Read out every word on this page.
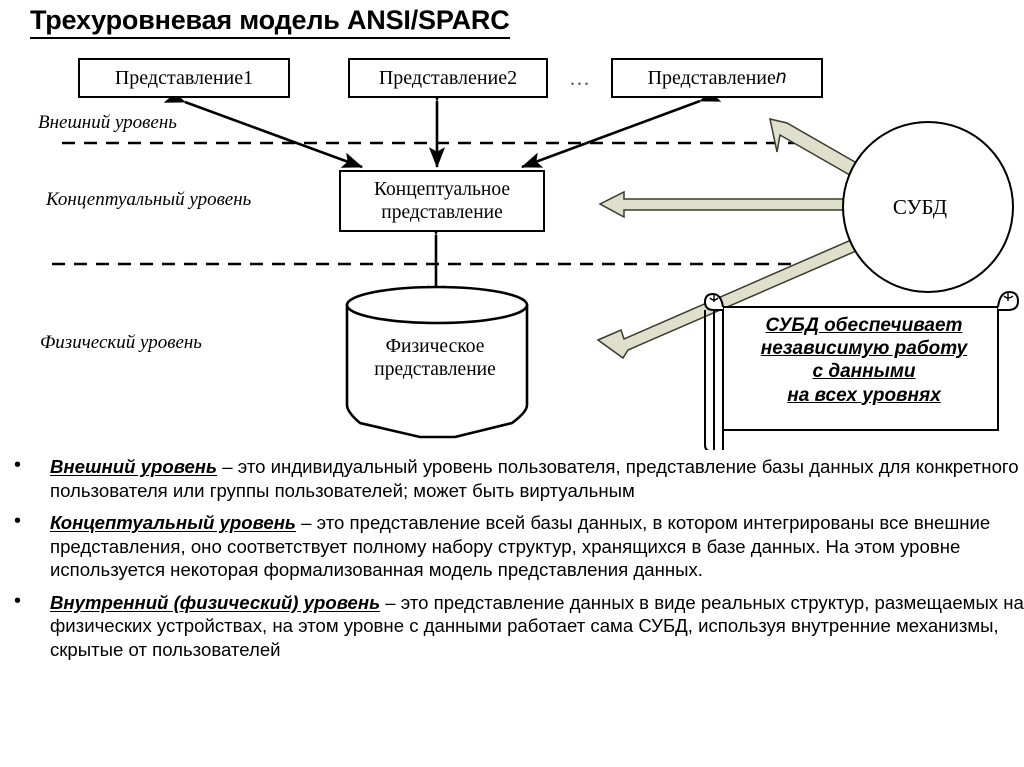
Трехуровневая модель ANSI/SPARC
Представление 1	Представление 2	…	Представление n
Концептуальное
представление
Физическое
представление
Внешний уровень
Концептуальный уровень
Физический уровень
СУБД
СУБД обеспечивает
независимую работу
с данными
на всех уровнях
• Внешний уровень – это индивидуальный уровень пользователя, представление базы данных для конкретного пользователя или группы пользователей; может быть виртуальным
• Концептуальный уровень – это представление всей базы данных, в котором интегрированы все внешние представления, оно соответствует полному набору структур, хранящихся в базе данных. На этом уровне используется некоторая формализованная модель представления данных.
• Внутренний (физический) уровень – это представление данных в виде реальных структур, размещаемых на физических устройствах, на этом уровне с данными работает сама СУБД, используя внутренние механизмы, скрытые от пользователей
